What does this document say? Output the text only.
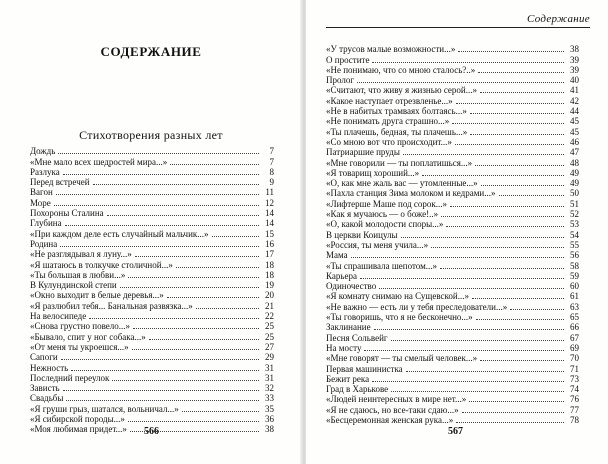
СОДЕРЖАНИЕ
Стихотворения разных лет
Дождь	7
«Мне мало всех шедростей мира...»	7
Разлука	8
Перед встречей	9
Вагон	11
Море	12
Похороны Сталина	14
Глубина	14
«При каждом деле есть случайный мальчик...»	15
Родина	16
«Не разглядывал я луну...»	17
«Я шатаюсь в толкучке столичной...»	18
«Ты большая в любви...»	18
В Кулундинской степи	19
«Окно выходит в белые деревья...»	20
«Я разлюбил тебя... Банальная развязка...»	21
На велосипеде	22
«Снова грустно повело...»	25
«Бывало, спит у ног собака...»	25
«От меня ты укроешся...»	27
Сапоги	29
Нежность	31
Последний переулок	31
Зависть	32
Свадьбы	33
«Я груши грыз, шатался, вольничал...»	35
«Я сибирской породы...»	36
«Моя любимая придет...»	38
566
Содержание
«У трусов малые возможности...»	38
О простите	39
«Не понимаю, что со мною сталось?..»	39
Пролог	40
«Считают, что живу я жизнью серой...»	41
«Какое наступает отрезвленье...»	42
«Не в набитых трамваях болтаясь...»	44
«Не понимать друга страшно...»	45
«Ты плачешь, бедная, ты плачешь...»	45
«Со мною вот что происходит...»	46
Патриаршие пруды	47
«Мне говорили — ты поплатишься...»	48
«Я товарищ хороший...»	49
«О, как мне жаль вас — утомленные...»	49
«Пахла станция Зима молоком и кедрами...»	50
«Лифтерше Маше под сорок...»	51
«Как я мучаюсь — о боже!..»	52
«О, какой молодости споры...»	53
В церкви Коицулы	54
«Россия, ты меня учила...»	55
Мама	56
«Ты спрашивала шепотом...»	58
Карьера	59
Одиночество	60
«Я комнату снимаю на Сущевской...»	61
«Не важно — есть ли у тебя преследователи...»	63
«Ты говоришь, что я не бесконечно...»	65
Заклинание	66
Песня Сольвейг	67
На мосту	69
«Мне говорят — ты смелый человек...»	70
Первая машинистка	71
Бежит река	73
Град в Харькове	74
«Людей неинтересных в мире нет...»	76
«Я не сдаюсь, но все-таки сдаю...»	77
«Бесцеремонная женская рука...»	78
567
